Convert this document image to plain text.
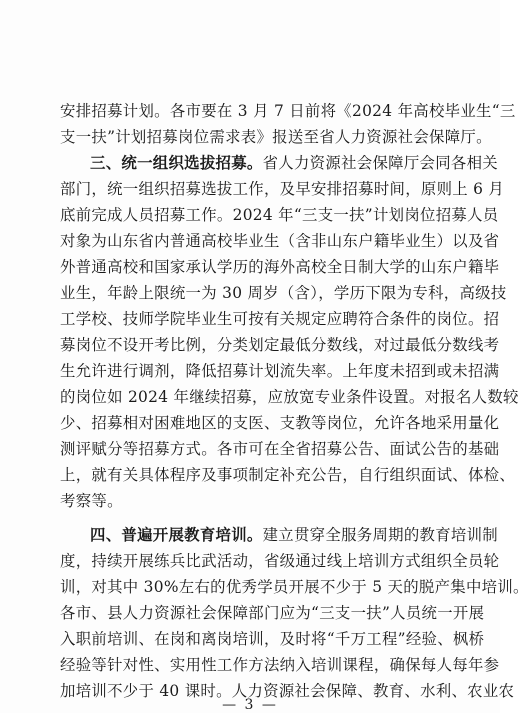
安排招募计划。各市要在 3 月 7 日前将《2024 年高校毕业生“三
支一扶”计划招募岗位需求表》报送至省人力资源社会保障厅。
三、统一组织选拔招募。省人力资源社会保障厅会同各相关
部门，统一组织招募选拔工作，及早安排招募时间，原则上 6 月
底前完成人员招募工作。2024 年“三支一扶”计划岗位招募人员
对象为山东省内普通高校毕业生（含非山东户籍毕业生）以及省
外普通高校和国家承认学历的海外高校全日制大学的山东户籍毕
业生，年龄上限统一为 30 周岁（含），学历下限为专科，高级技
工学校、技师学院毕业生可按有关规定应聘符合条件的岗位。招
募岗位不设开考比例，分类划定最低分数线，对过最低分数线考
生允许进行调剂，降低招募计划流失率。上年度未招到或未招满
的岗位如 2024 年继续招募，应放宽专业条件设置。对报名人数较
少、招募相对困难地区的支医、支教等岗位，允许各地采用量化
测评赋分等招募方式。各市可在全省招募公告、面试公告的基础
上，就有关具体程序及事项制定补充公告，自行组织面试、体检、
考察等。
四、普遍开展教育培训。建立贯穿全服务周期的教育培训制
度，持续开展练兵比武活动，省级通过线上培训方式组织全员轮
训，对其中 30%左右的优秀学员开展不少于 5 天的脱产集中培训。
各市、县人力资源社会保障部门应为“三支一扶”人员统一开展
入职前培训、在岗和离岗培训，及时将“千万工程”经验、枫桥
经验等针对性、实用性工作方法纳入培训课程，确保每人每年参
加培训不少于 40 课时。人力资源社会保障、教育、水利、农业农
— 3 —
